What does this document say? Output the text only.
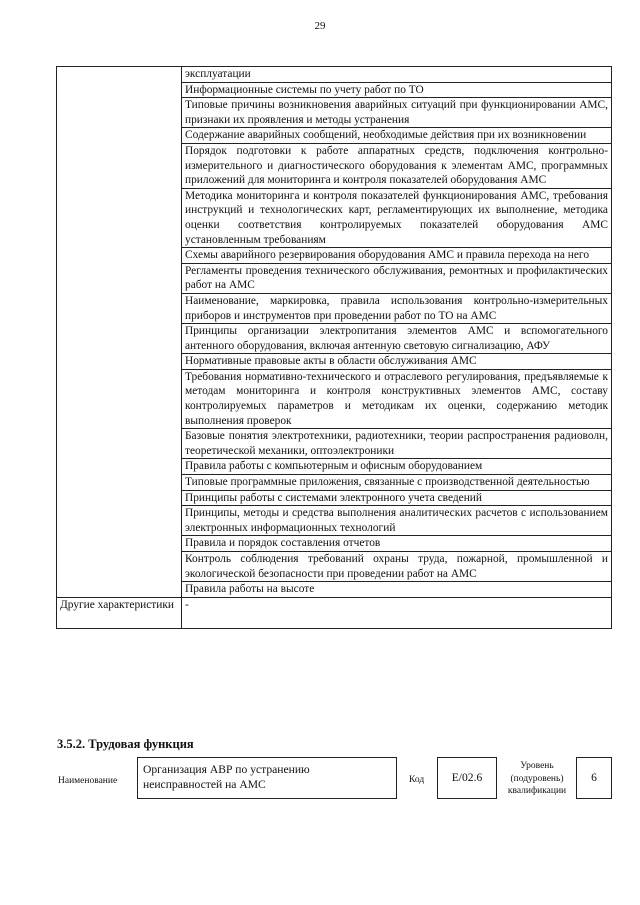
29

	эксплуатации

	Информационные системы по учету работ по ТО

	Типовые причины возникновения аварийных ситуаций при функционировании АМС, признаки их проявления и методы устранения

	Содержание аварийных сообщений, необходимые действия при их возникновении

	Порядок подготовки к работе аппаратных средств, подключения контрольно-измерительного и диагностического оборудования к элементам АМС, программных приложений для мониторинга и контроля показателей оборудования АМС

	Методика мониторинга и контроля показателей функционирования АМС, требования инструкций и технологических карт, регламентирующих их выполнение, методика оценки соответствия контролируемых показателей оборудования АМС установленным требованиям

	Схемы аварийного резервирования оборудования АМС и правила перехода на него

	Регламенты проведения технического обслуживания, ремонтных и профилактических работ на АМС

	Наименование, маркировка, правила использования контрольно-измерительных приборов и инструментов при проведении работ по ТО на АМС

	Принципы организации электропитания элементов АМС и вспомогательного антенного оборудования, включая антенную световую сигнализацию, АФУ

	Нормативные правовые акты в области обслуживания АМС

	Требования нормативно-технического и отраслевого регулирования, предъявляемые к методам мониторинга и контроля конструктивных элементов АМС, составу контролируемых параметров и методикам их оценки, содержанию методик выполнения проверок

	Базовые понятия электротехники, радиотехники, теории распространения радиоволн, теоретической механики, оптоэлектроники

	Правила работы с компьютерным и офисным оборудованием

	Типовые программные приложения, связанные с производственной деятельностью

	Принципы работы с системами электронного учета сведений

	Принципы, методы и средства выполнения аналитических расчетов с использованием электронных информационных технологий

	Правила и порядок составления отчетов

	Контроль соблюдения требований охраны труда, пожарной, промышленной и экологической безопасности при проведении работ на АМС

	Правила работы на высоте

Другие характеристики	-
3.5.2. Трудовая функция
Наименование
Организация АВР по устранению неисправностей на АМС	Код	E/02.6
Уровень (подуровень) квалификации
6
